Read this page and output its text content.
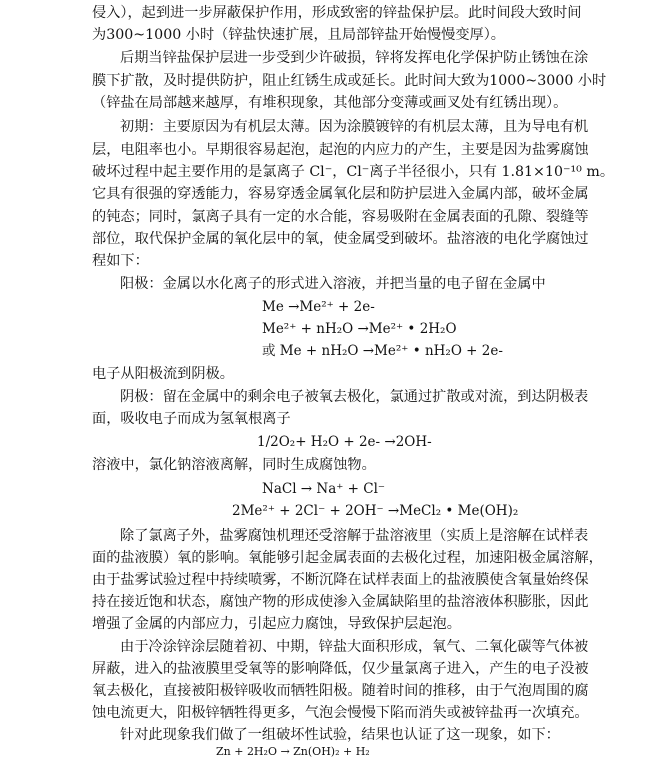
侵入），起到进一步屏蔽保护作用，形成致密的锌盐保护层。此时间段大致时间
为300~1000 小时（锌盐快速扩展，且局部锌盐开始慢慢变厚）。
后期当锌盐保护层进一步受到少许破损，锌将发挥电化学保护防止锈蚀在涂
膜下扩散，及时提供防护，阻止红锈生成或延长。此时间大致为1000~3000 小时
（锌盐在局部越来越厚，有堆积现象，其他部分变薄或画叉处有红锈出现）。
初期：主要原因为有机层太薄。因为涂膜镀锌的有机层太薄，且为导电有机
层，电阻率也小。早期很容易起泡，起泡的内应力的产生，主要是因为盐雾腐蚀
破坏过程中起主要作用的是氯离子 Cl⁻，Cl⁻离子半径很小，只有 1.81×10⁻¹⁰ m。
它具有很强的穿透能力，容易穿透金属氧化层和防护层进入金属内部，破坏金属
的钝态；同时，氯离子具有一定的水合能，容易吸附在金属表面的孔隙、裂缝等
部位，取代保护金属的氧化层中的氧，使金属受到破坏。盐溶液的电化学腐蚀过
程如下：
阳极：金属以水化离子的形式进入溶液，并把当量的电子留在金属中
Me →Me²⁺ + 2e-
Me²⁺ + nH₂O →Me²⁺ • 2H₂O
或 Me + nH₂O →Me²⁺ • nH₂O + 2e-
电子从阳极流到阴极。
阴极：留在金属中的剩余电子被氧去极化，氯通过扩散或对流，到达阴极表
面，吸收电子而成为氢氧根离子
1/2O₂+ H₂O + 2e- →2OH-
溶液中，氯化钠溶液离解，同时生成腐蚀物。
NaCl → Na⁺ + Cl⁻
2Me²⁺ + 2Cl⁻ + 2OH⁻ →MeCl₂ • Me(OH)₂
除了氯离子外，盐雾腐蚀机理还受溶解于盐溶液里（实质上是溶解在试样表
面的盐液膜）氧的影响。氧能够引起金属表面的去极化过程，加速阳极金属溶解，
由于盐雾试验过程中持续喷雾，不断沉降在试样表面上的盐液膜使含氧量始终保
持在接近饱和状态，腐蚀产物的形成使渗入金属缺陷里的盐溶液体积膨胀，因此
增强了金属的内部应力，引起应力腐蚀，导致保护层起泡。
由于冷涂锌涂层随着初、中期，锌盐大面积形成，氧气、二氧化碳等气体被
屏蔽，进入的盐液膜里受氧等的影响降低，仅少量氯离子进入，产生的电子没被
氧去极化，直接被阳极锌吸收而牺牲阳极。随着时间的推移，由于气泡周围的腐
蚀电流更大，阳极锌牺牲得更多，气泡会慢慢下陷而消失或被锌盐再一次填充。
针对此现象我们做了一组破坏性试验，结果也认证了这一现象，如下：
Zn + 2H₂O → Zn(OH)₂ + H₂
